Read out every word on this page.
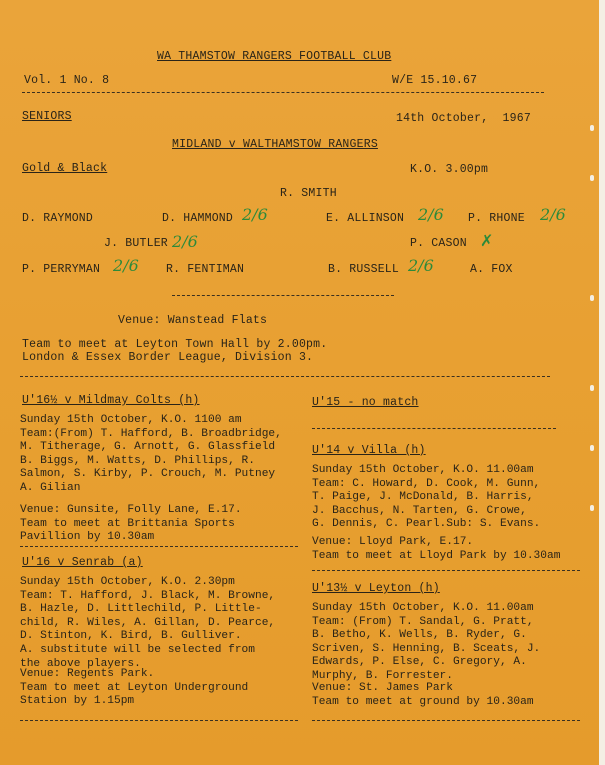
WA THAMSTOW RANGERS FOOTBALL CLUB
Vol. 1 No. 8	W/E 15.10.67
SENIORS	14th October,  1967
MIDLAND v WALTHAMSTOW RANGERS
Gold & Black	K.O. 3.00pm
R. SMITH
D. RAYMOND	D. HAMMOND 2/6	E. ALLINSON 2/6 P. RHONE 2/6
J. BUTLER 2/6	P. CASON ✗
P. PERRYMAN 2/6 R. FENTIMAN	B. RUSSELL 2/6	A. FOX
Venue: Wanstead Flats
Team to meet at Leyton Town Hall by 2.00pm.
London & Essex Border League, Division 3.
U'16½ v Mildmay Colts (h)
Sunday 15th October, K.O. 1100 am
Team:(From) T. Hafford, B. Broadbridge,
M. Titherage, G. Arnott, G. Glassfield
B. Biggs, M. Watts, D. Phillips, R.
Salmon, S. Kirby, P. Crouch, M. Putney
A. Gilian
Venue: Gunsite, Folly Lane, E.17.
Team to meet at Brittania Sports
Pavillion by 10.30am
U'16 v Senrab (a)
Sunday 15th October, K.O. 2.30pm
Team: T. Hafford, J. Black, M. Browne,
B. Hazle, D. Littlechild, P. Little-
child, R. Wiles, A. Gillan, D. Pearce,
D. Stinton, K. Bird, B. Gulliver.
A. substitute will be selected from
the above players.
Venue: Regents Park.
Team to meet at Leyton Underground
Station by 1.15pm
U'15 - no match
U'14 v Villa (h)
Sunday 15th October, K.O. 11.00am
Team: C. Howard, D. Cook, M. Gunn,
T. Paige, J. McDonald, B. Harris,
J. Bacchus, N. Tarten, G. Crowe,
G. Dennis, C. Pearl.Sub: S. Evans.
Venue: Lloyd Park, E.17.
Team to meet at Lloyd Park by 10.30am
U'13½ v Leyton (h)
Sunday 15th October, K.O. 11.00am
Team: (From) T. Sandal, G. Pratt,
B. Betho, K. Wells, B. Ryder, G.
Scriven, S. Henning, B. Sceats, J.
Edwards, P. Else, C. Gregory, A.
Murphy, B. Forrester.
Venue: St. James Park
Team to meet at ground by 10.30am
